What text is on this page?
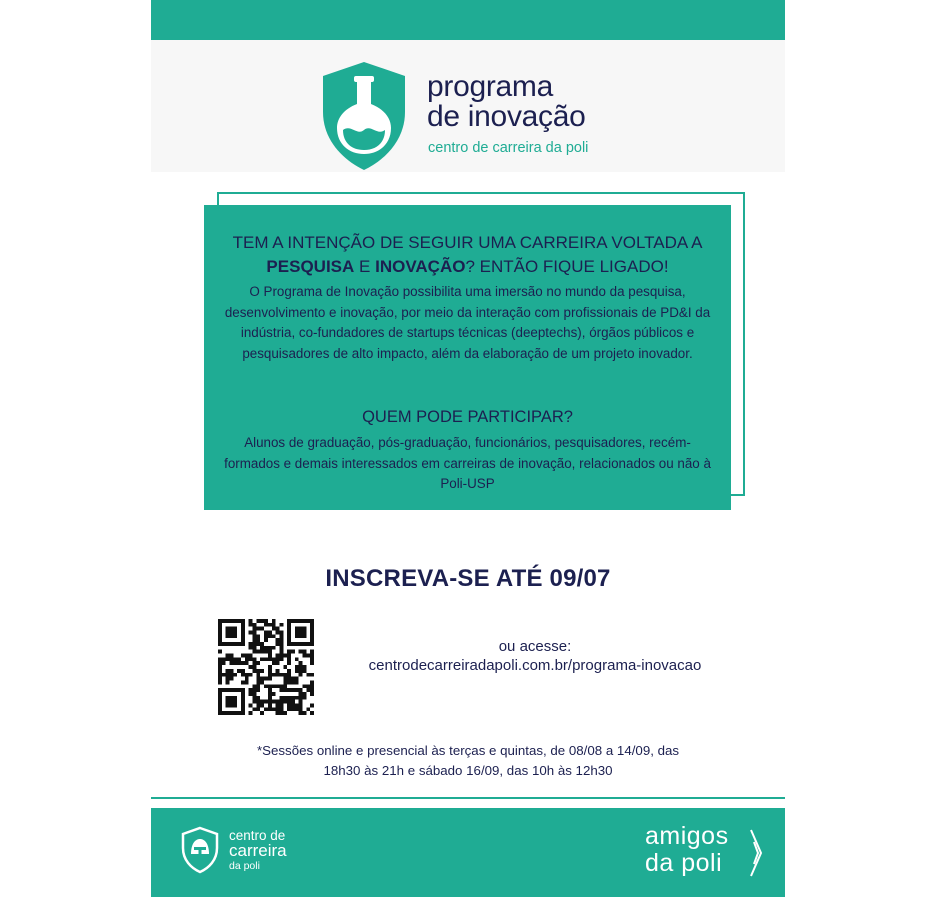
programa
de inovação
centro de carreira da poli
TEM A INTENÇÃO DE SEGUIR UMA CARREIRA VOLTADA A
PESQUISA E INOVAÇÃO? ENTÃO FIQUE LIGADO!
O Programa de Inovação possibilita uma imersão no mundo da pesquisa, desenvolvimento e inovação, por meio da interação com profissionais de PD&I da indústria, co-fundadores de startups técnicas (deeptechs), órgãos públicos e pesquisadores de alto impacto, além da elaboração de um projeto inovador.
QUEM PODE PARTICIPAR?
Alunos de graduação, pós-graduação, funcionários, pesquisadores, recém-formados e demais interessados em carreiras de inovação, relacionados ou não à Poli-USP
INSCREVA-SE ATÉ 09/07
ou acesse:
centrodecarreiradapoli.com.br/programa-inovacao
*Sessões online e presencial às terças e quintas, de 08/08 a 14/09, das
18h30 às 21h e sábado 16/09, das 10h às 12h30
centro de
carreira
da poli
amigos
da poli
